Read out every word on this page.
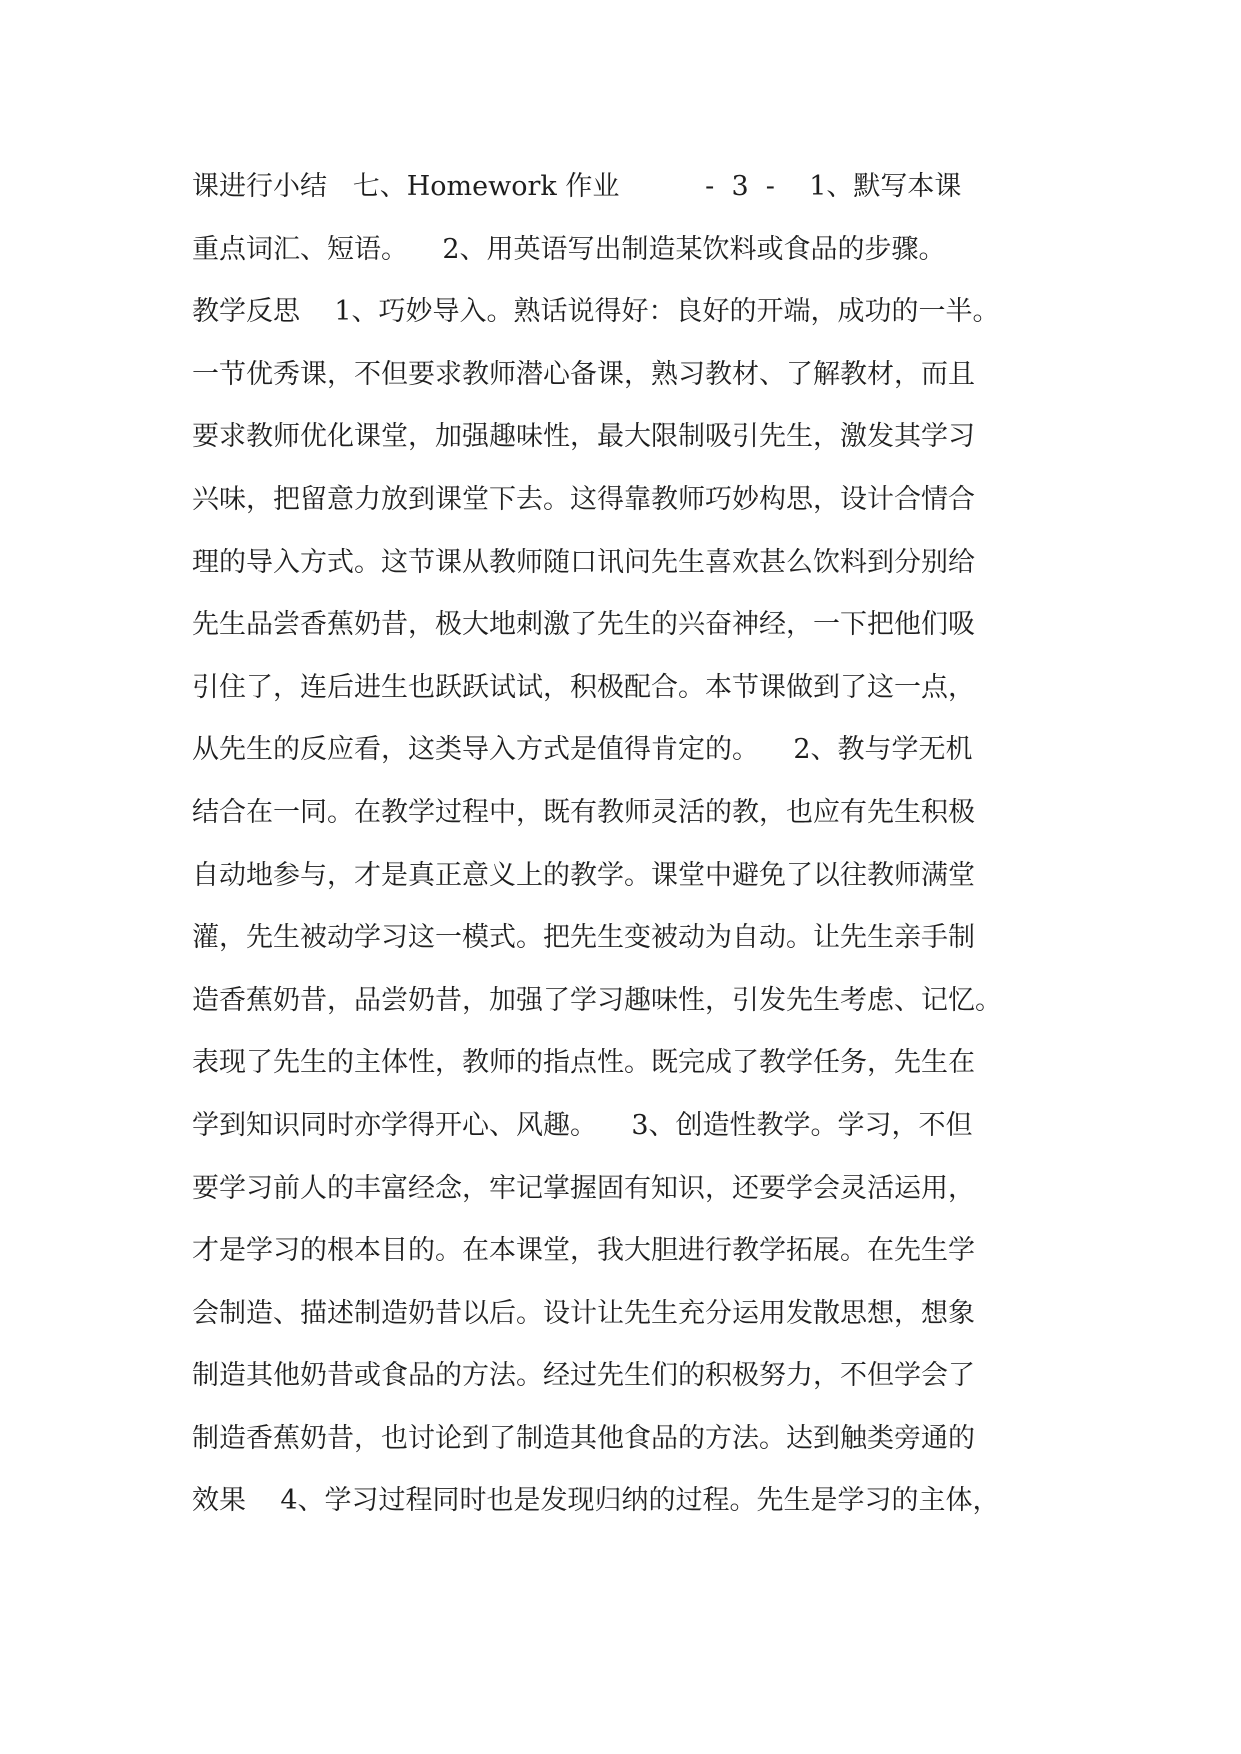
课进行小结   七、Homework 作业          -  3  -    1、默写本课
重点词汇、短语。    2、用英语写出制造某饮料或食品的步骤。
教学反思    1、巧妙导入。熟话说得好：良好的开端，成功的一半。
一节优秀课，不但要求教师潜心备课，熟习教材、了解教材，而且
要求教师优化课堂，加强趣味性，最大限制吸引先生，激发其学习
兴味，把留意力放到课堂下去。这得靠教师巧妙构思，设计合情合
理的导入方式。这节课从教师随口讯问先生喜欢甚么饮料到分别给
先生品尝香蕉奶昔，极大地刺激了先生的兴奋神经，一下把他们吸
引住了，连后进生也跃跃试试，积极配合。本节课做到了这一点，
从先生的反应看，这类导入方式是值得肯定的。    2、教与学无机
结合在一同。在教学过程中，既有教师灵活的教，也应有先生积极
自动地参与，才是真正意义上的教学。课堂中避免了以往教师满堂
灌，先生被动学习这一模式。把先生变被动为自动。让先生亲手制
造香蕉奶昔，品尝奶昔，加强了学习趣味性，引发先生考虑、记忆。
表现了先生的主体性，教师的指点性。既完成了教学任务，先生在
学到知识同时亦学得开心、风趣。    3、创造性教学。学习，不但
要学习前人的丰富经念，牢记掌握固有知识，还要学会灵活运用，
才是学习的根本目的。在本课堂，我大胆进行教学拓展。在先生学
会制造、描述制造奶昔以后。设计让先生充分运用发散思想，想象
制造其他奶昔或食品的方法。经过先生们的积极努力，不但学会了
制造香蕉奶昔，也讨论到了制造其他食品的方法。达到触类旁通的
效果    4、学习过程同时也是发现归纳的过程。先生是学习的主体，
